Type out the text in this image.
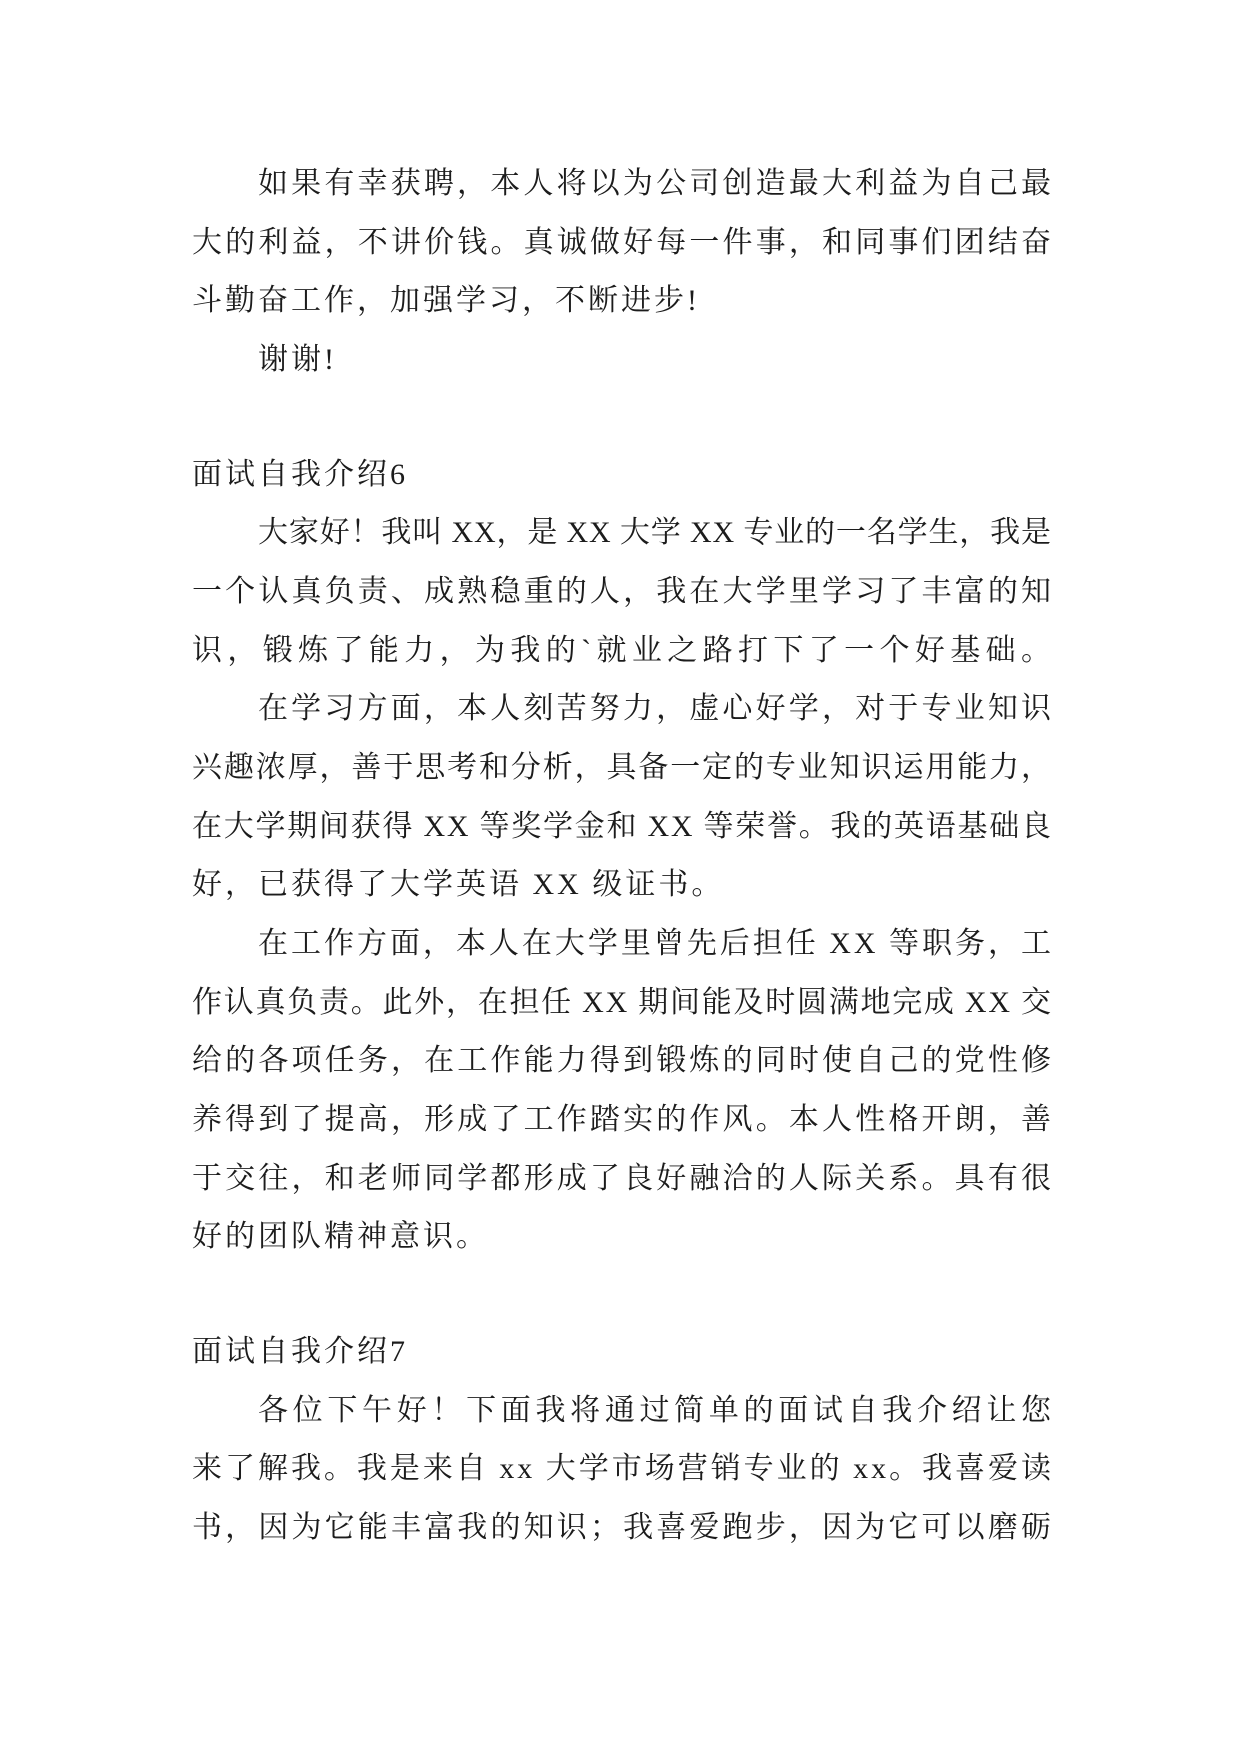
如果有幸获聘，本人将以为公司创造最大利益为自己最
大的利益，不讲价钱。真诚做好每一件事，和同事们团结奋
斗勤奋工作，加强学习，不断进步!
谢谢!
面试自我介绍6
大家好！我叫 XX，是 XX 大学 XX 专业的一名学生，我是
一个认真负责、成熟稳重的人，我在大学里学习了丰富的知
识，锻炼了能力，为我的`就业之路打下了一个好基础。
在学习方面，本人刻苦努力，虚心好学，对于专业知识
兴趣浓厚，善于思考和分析，具备一定的专业知识运用能力，
在大学期间获得 XX 等奖学金和 XX 等荣誉。我的英语基础良
好，已获得了大学英语 XX 级证书。
在工作方面，本人在大学里曾先后担任 XX 等职务，工
作认真负责。此外，在担任 XX 期间能及时圆满地完成 XX 交
给的各项任务，在工作能力得到锻炼的同时使自己的党性修
养得到了提高，形成了工作踏实的作风。本人性格开朗，善
于交往，和老师同学都形成了良好融洽的人际关系。具有很
好的团队精神意识。
面试自我介绍7
各位下午好！下面我将通过简单的面试自我介绍让您
来了解我。我是来自 xx 大学市场营销专业的 xx。我喜爱读
书，因为它能丰富我的知识；我喜爱跑步，因为它可以磨砺
